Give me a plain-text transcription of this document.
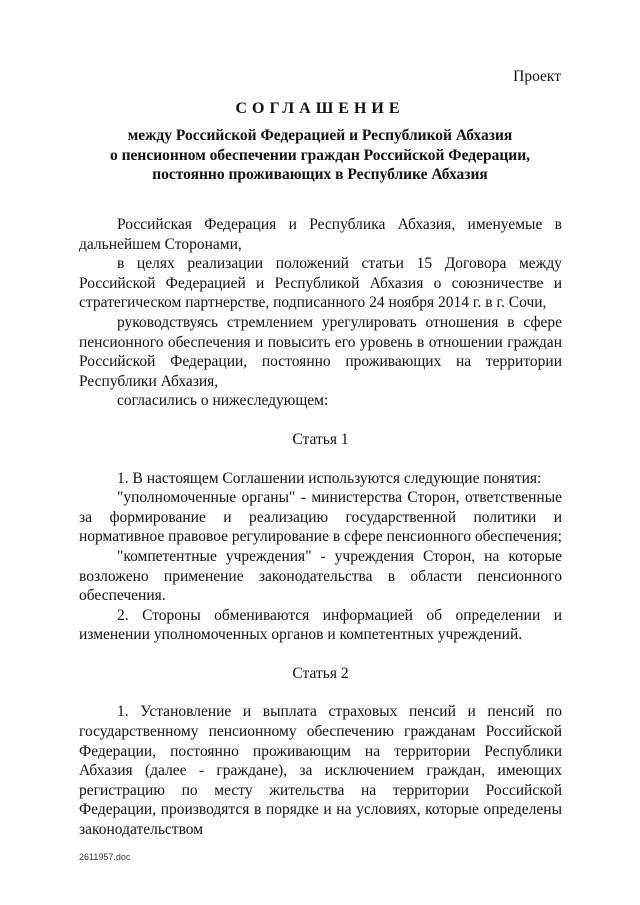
Проект
СОГЛАШЕНИЕ
между Российской Федерацией и Республикой Абхазия
о пенсионном обеспечении граждан Российской Федерации,
постоянно проживающих в Республике Абхазия

Российская Федерация и Республика Абхазия, именуемые в дальнейшем Сторонами,

в целях реализации положений статьи 15 Договора между Российской Федерацией и Республикой Абхазия о союзничестве и стратегическом партнерстве, подписанного 24 ноября 2014 г. в г. Сочи,

руководствуясь стремлением урегулировать отношения в сфере пенсионного обеспечения и повысить его уровень в отношении граждан Российской Федерации, постоянно проживающих на территории Республики Абхазия,

согласились о нижеследующем:

Статья 1

1. В настоящем Соглашении используются следующие понятия:

"уполномоченные органы" - министерства Сторон, ответственные за формирование и реализацию государственной политики и нормативное правовое регулирование в сфере пенсионного обеспечения;

"компетентные учреждения" - учреждения Сторон, на которые возложено применение законодательства в области пенсионного обеспечения.

2. Стороны обмениваются информацией об определении и изменении уполномоченных органов и компетентных учреждений.

Статья 2

1. Установление и выплата страховых пенсий и пенсий по государственному пенсионному обеспечению гражданам Российской Федерации, постоянно проживающим на территории Республики Абхазия (далее - граждане), за исключением граждан, имеющих регистрацию по месту жительства на территории Российской Федерации, производятся в порядке и на условиях, которые определены законодательством

2611957.doc
